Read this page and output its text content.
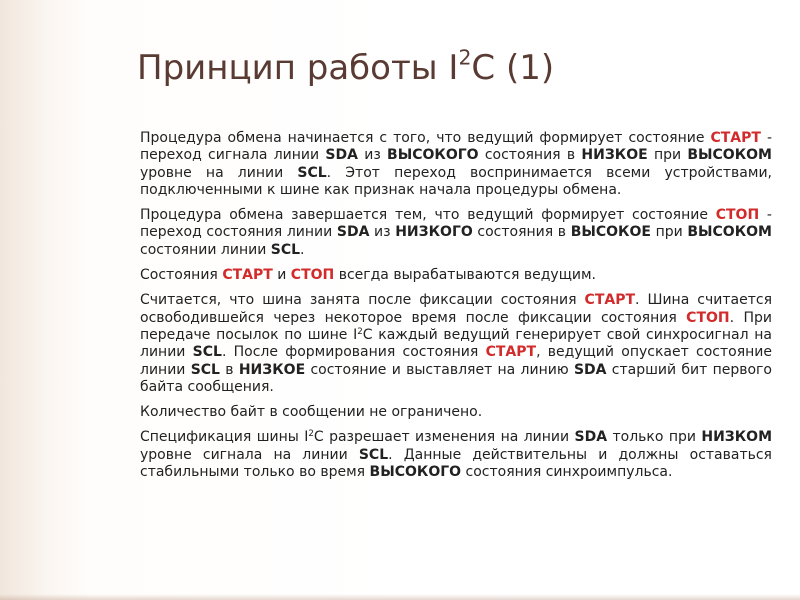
Принцип работы $I^2С$ (1)

Процедура обмена начинается с того, что ведущий формирует состояние СТАРТ - переход сигнала линии SDA из ВЫСОКОГО состояния в НИЗКОЕ при ВЫСОКОМ уровне на линии SCL. Этот переход воспринимается всеми устройствами, подключенными к шине как признак начала процедуры обмена.

Процедура обмена завершается тем, что ведущий формирует состояние СТОП - переход состояния линии SDA из НИЗКОГО состояния в ВЫСОКОЕ при ВЫСОКОМ состоянии линии SCL.

Состояния СТАРТ и СТОП всегда вырабатываются ведущим.

Считается, что шина занята после фиксации состояния СТАРТ. Шина считается освободившейся через некоторое время после фиксации состояния СТОП. При передаче посылок по шине $I^2C$ каждый ведущий генерирует свой синхросигнал на линии SCL. После формирования состояния СТАРТ, ведущий опускает состояние линии SCL в НИЗКОЕ состояние и выставляет на линию SDA старший бит первого байта сообщения.

Количество байт в сообщении не ограничено.

Спецификация шины $I^2C$ разрешает изменения на линии SDA только при НИЗКОМ уровне сигнала на линии SCL. Данные действительны и должны оставаться стабильными только во время ВЫСОКОГО состояния синхроимпульса.
